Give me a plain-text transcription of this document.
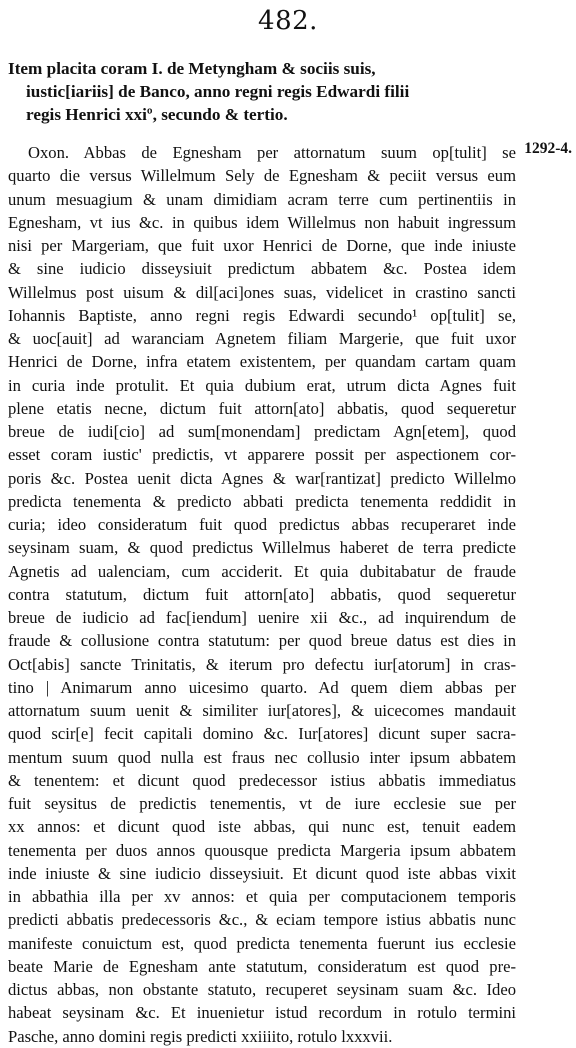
482.
Item placita coram I. de Metyngham & sociis suis,
iustic[iariis] de Banco, anno regni regis Edwardi filii
regis Henrici xxiº, secundo & tertio.
1292-4.
Oxon. Abbas de Egnesham per attornatum suum op[tulit] se
quarto die versus Willelmum Sely de Egnesham & peciit versus eum
unum mesuagium & unam dimidiam acram terre cum pertinentiis in
Egnesham, vt ius &c. in quibus idem Willelmus non habuit ingressum
nisi per Margeriam, que fuit uxor Henrici de Dorne, que inde iniuste
& sine iudicio disseysiuit predictum abbatem &c. Postea idem
Willelmus post uisum & dil[aci]ones suas, videlicet in crastino sancti
Iohannis Baptiste, anno regni regis Edwardi secundo¹ op[tulit] se,
& uoc[auit] ad waranciam Agnetem filiam Margerie, que fuit uxor
Henrici de Dorne, infra etatem existentem, per quandam cartam quam
in curia inde protulit. Et quia dubium erat, utrum dicta Agnes fuit
plene etatis necne, dictum fuit attorn[ato] abbatis, quod sequeretur
breue de iudi[cio] ad sum[monendam] predictam Agn[etem], quod
esset coram iustic' predictis, vt apparere possit per aspectionem cor-
poris &c. Postea uenit dicta Agnes & war[rantizat] predicto Willelmo
predicta tenementa & predicto abbati predicta tenementa reddidit in
curia; ideo consideratum fuit quod predictus abbas recuperaret inde
seysinam suam, & quod predictus Willelmus haberet de terra predicte
Agnetis ad ualenciam, cum acciderit. Et quia dubitabatur de fraude
contra statutum, dictum fuit attorn[ato] abbatis, quod sequeretur
breue de iudicio ad fac[iendum] uenire xii &c., ad inquirendum de
fraude & collusione contra statutum: per quod breue datus est dies in
Oct[abis] sancte Trinitatis, & iterum pro defectu iur[atorum] in cras-
tino | Animarum anno uicesimo quarto. Ad quem diem abbas per
attornatum suum uenit & similiter iur[atores], & uicecomes mandauit
quod scir[e] fecit capitali domino &c. Iur[atores] dicunt super sacra-
mentum suum quod nulla est fraus nec collusio inter ipsum abbatem
& tenentem: et dicunt quod predecessor istius abbatis immediatus
fuit seysitus de predictis tenementis, vt de iure ecclesie sue per
xx annos: et dicunt quod iste abbas, qui nunc est, tenuit eadem
tenementa per duos annos quousque predicta Margeria ipsum abbatem
inde iniuste & sine iudicio disseysiuit. Et dicunt quod iste abbas vixit
in abbathia illa per xv annos: et quia per computacionem temporis
predicti abbatis predecessoris &c., & eciam tempore istius abbatis nunc
manifeste conuictum est, quod predicta tenementa fuerunt ius ecclesie
beate Marie de Egnesham ante statutum, consideratum est quod pre-
dictus abbas, non obstante statuto, recuperet seysinam suam &c. Ideo
habeat seysinam &c. Et inuenietur istud recordum in rotulo termini
Pasche, anno domini regis predicti xxiiiito, rotulo lxxxvii.
